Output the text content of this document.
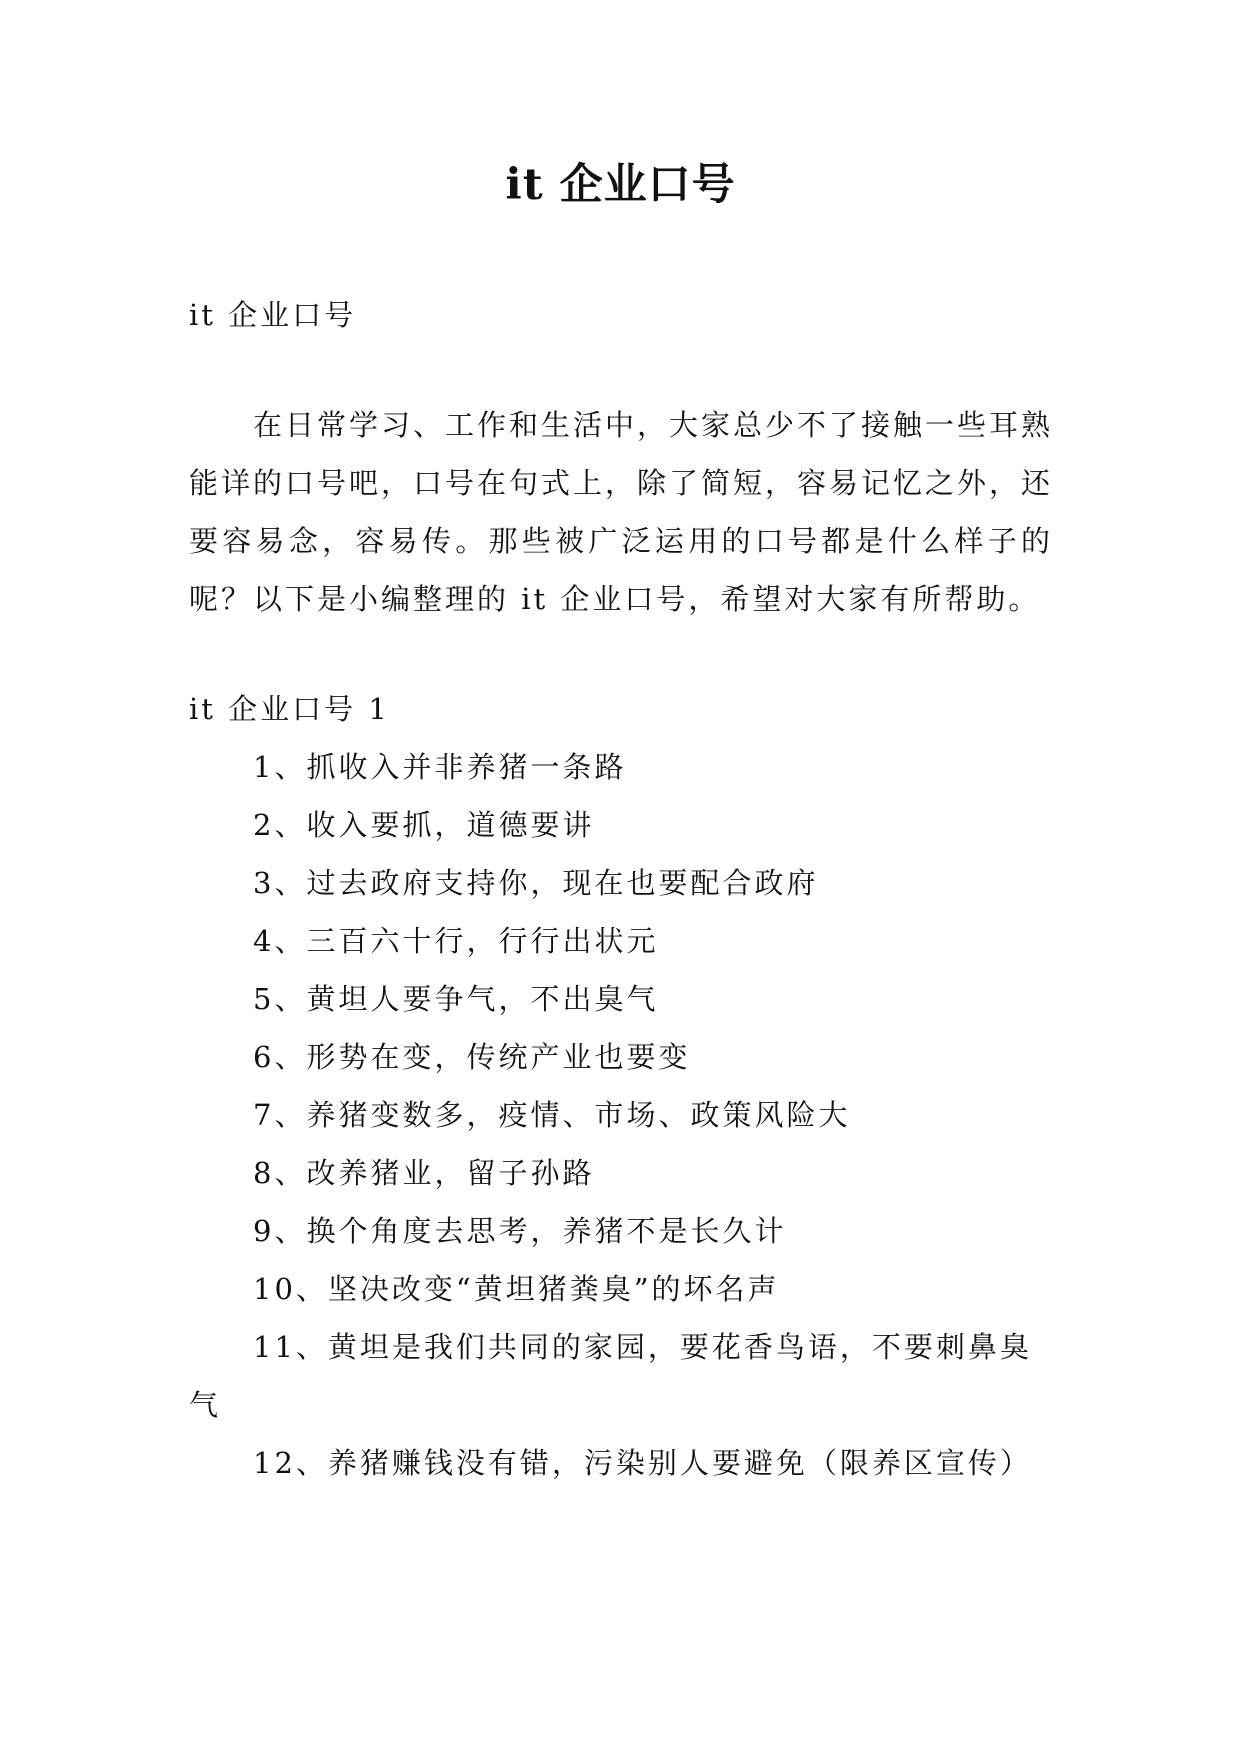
it 企业口号

it 企业口号

在日常学习、工作和生活中，大家总少不了接触一些耳熟能详的口号吧，口号在句式上，除了简短，容易记忆之外，还要容易念，容易传。那些被广泛运用的口号都是什么样子的呢？以下是小编整理的 it 企业口号，希望对大家有所帮助。

it 企业口号 1

1、抓收入并非养猪一条路
2、收入要抓，道德要讲
3、过去政府支持你，现在也要配合政府
4、三百六十行，行行出状元
5、黄坦人要争气，不出臭气
6、形势在变，传统产业也要变
7、养猪变数多，疫情、市场、政策风险大
8、改养猪业，留子孙路
9、换个角度去思考，养猪不是长久计
10、坚决改变“黄坦猪粪臭”的坏名声
11、黄坦是我们共同的家园，要花香鸟语，不要刺鼻臭气
12、养猪赚钱没有错，污染别人要避免（限养区宣传）
